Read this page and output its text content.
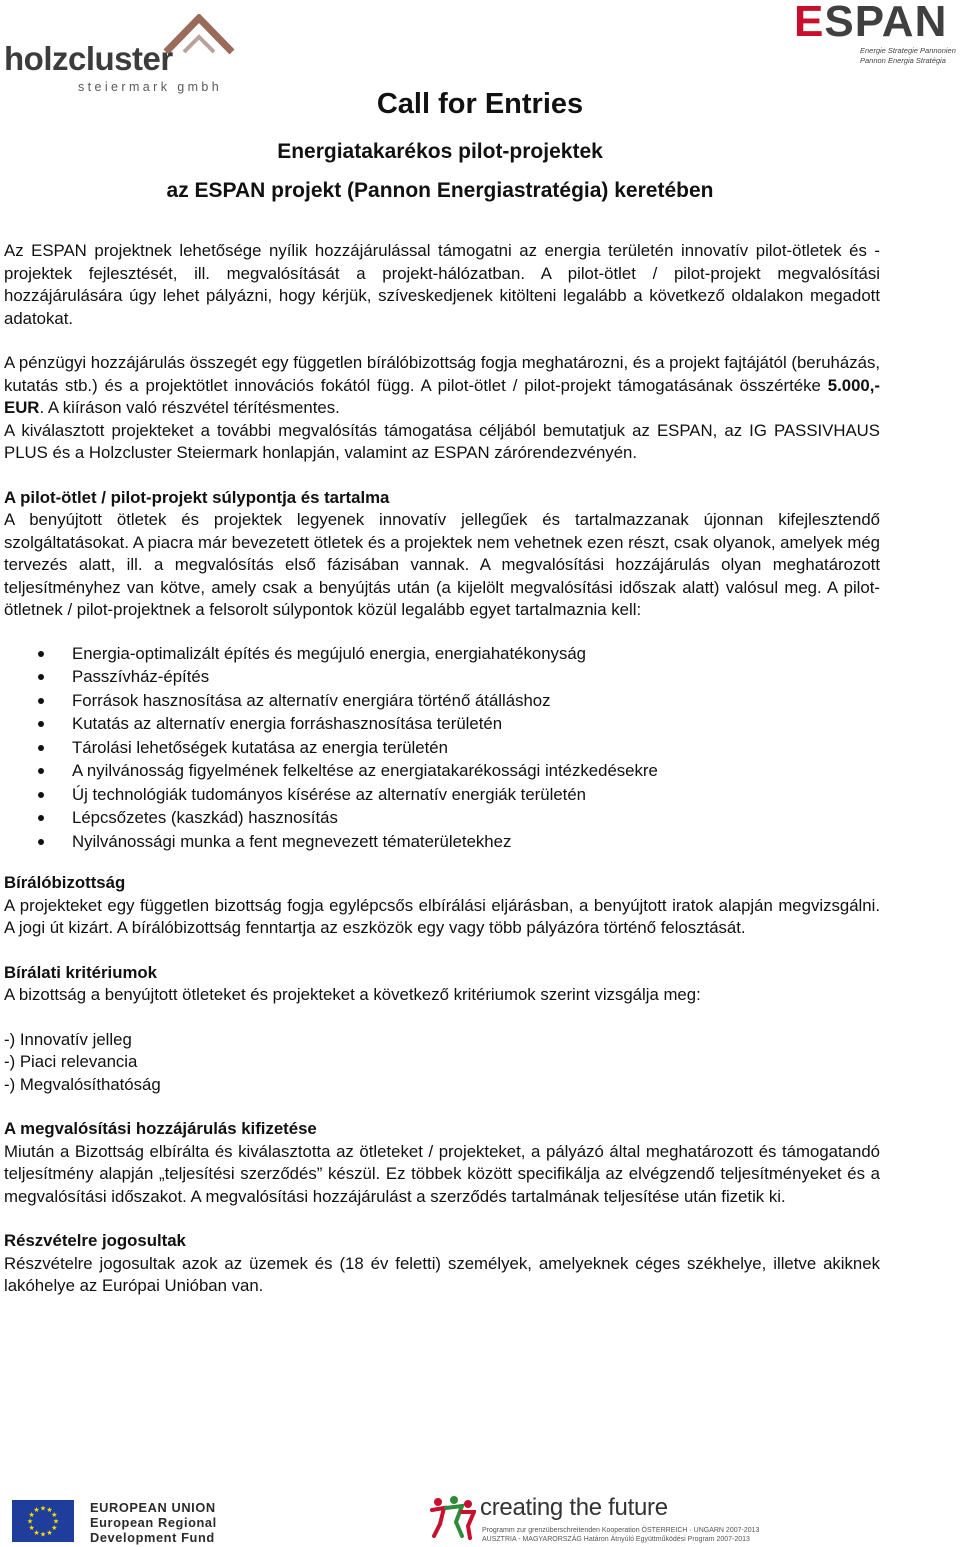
holzcluster
steiermark gmbh
ESPAN
Energie Strategie Pannonien
Pannon Energia Stratégia
Call for Entries
Energiatakarékos pilot-projektek
az ESPAN projekt (Pannon Energiastratégia) keretében

Az ESPAN projektnek lehetősége nyílik hozzájárulással támogatni az energia területén innovatív pilot-ötletek és -projektek fejlesztését, ill. megvalósítását a projekt-hálózatban. A pilot-ötlet / pilot-projekt megvalósítási hozzájárulására úgy lehet pályázni, hogy kérjük, szíveskedjenek kitölteni legalább a következő oldalakon megadott adatokat.

A pénzügyi hozzájárulás összegét egy független bírálóbizottság fogja meghatározni, és a projekt fajtájától (beruházás, kutatás stb.) és a projektötlet innovációs fokától függ. A pilot-ötlet / pilot-projekt támogatásának összértéke 5.000,- EUR. A kiíráson való részvétel térítésmentes.

A kiválasztott projekteket a további megvalósítás támogatása céljából bemutatjuk az ESPAN, az IG PASSIVHAUS PLUS és a Holzcluster Steiermark honlapján, valamint az ESPAN zárórendezvényén.

A pilot-ötlet / pilot-projekt súlypontja és tartalma

A benyújtott ötletek és projektek legyenek innovatív jellegűek és tartalmazzanak újonnan kifejlesztendő szolgáltatásokat. A piacra már bevezetett ötletek és a projektek nem vehetnek ezen részt, csak olyanok, amelyek még tervezés alatt, ill. a megvalósítás első fázisában vannak. A megvalósítási hozzájárulás olyan meghatározott teljesítményhez van kötve, amely csak a benyújtás után (a kijelölt megvalósítási időszak alatt) valósul meg. A pilot-ötletnek / pilot-projektnek a felsorolt súlypontok közül legalább egyet tartalmaznia kell:

Energia-optimalizált építés és megújuló energia, energiahatékonyság
Passzívház-építés
Források hasznosítása az alternatív energiára történő átálláshoz
Kutatás az alternatív energia forráshasznosítása területén
Tárolási lehetőségek kutatása az energia területén
A nyilvánosság figyelmének felkeltése az energiatakarékossági intézkedésekre
Új technológiák tudományos kísérése az alternatív energiák területén
Lépcsőzetes (kaszkád) hasznosítás
Nyilvánossági munka a fent megnevezett tématerületekhez

Bírálóbizottság

A projekteket egy független bizottság fogja egylépcsős elbírálási eljárásban, a benyújtott iratok alapján megvizsgálni. A jogi út kizárt. A bírálóbizottság fenntartja az eszközök egy vagy több pályázóra történő felosztását.

Bírálati kritériumok

A bizottság a benyújtott ötleteket és projekteket a következő kritériumok szerint vizsgálja meg:

-) Innovatív jelleg

-) Piaci relevancia

-) Megvalósíthatóság

A megvalósítási hozzájárulás kifizetése

Miután a Bizottság elbírálta és kiválasztotta az ötleteket / projekteket, a pályázó által meghatározott és támogatandó teljesítmény alapján „teljesítési szerződés” készül. Ez többek között specifikálja az elvégzendő teljesítményeket és a megvalósítási időszakot. A megvalósítási hozzájárulást a szerződés tartalmának teljesítése után fizetik ki.

Részvételre jogosultak

Részvételre jogosultak azok az üzemek és (18 év feletti) személyek, amelyeknek céges székhelye, illetve akiknek lakóhelye az Európai Unióban van.

★ ★
★
★
★
★
★
★
★
★
★
★	EUROPEAN UNION
European Regional
Development Fund
creating the future
Programm zur grenzüberschreitenden Kooperation ÖSTERREICH · UNGARN 2007-2013
AUSZTRIA - MAGYARORSZÁG Határon Átnyúló Együttműködési Program 2007-2013
